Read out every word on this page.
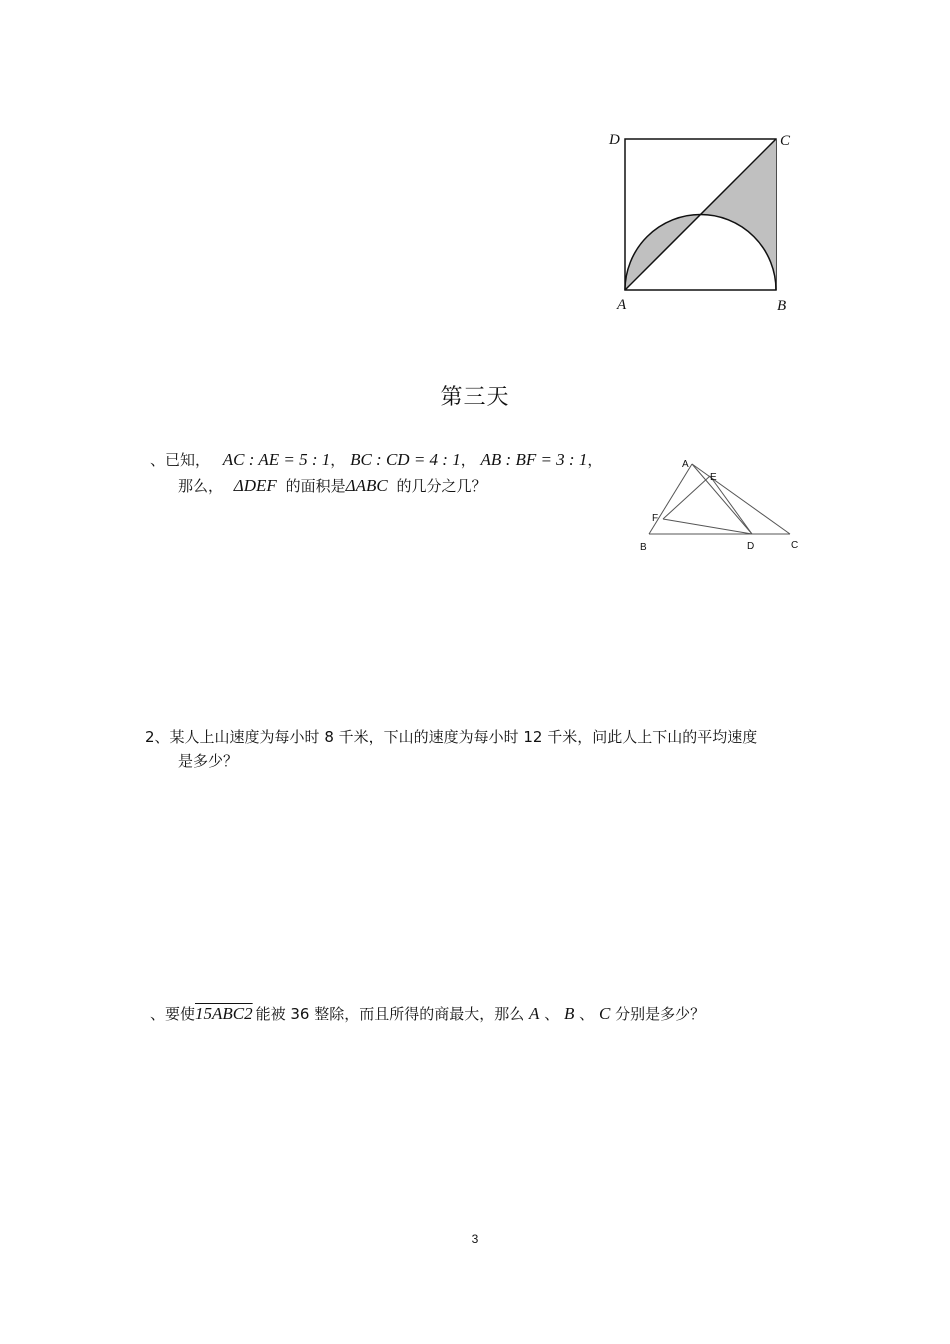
D	C
A	B
第三天
、已知， AC : AE = 5 : 1， BC : CD = 4 : 1， AB : BF = 3 : 1，
那么， ΔDEF 的面积是ΔABC 的几分之几？
A
E
F
B	D	C
2、某人上山速度为每小时 8 千米，下山的速度为每小时 12 千米，问此人上下山的平均速度
是多少？
、要使15ABC2 能被 36 整除，而且所得的商最大，那么 A 、 B 、 C 分别是多少？
3
